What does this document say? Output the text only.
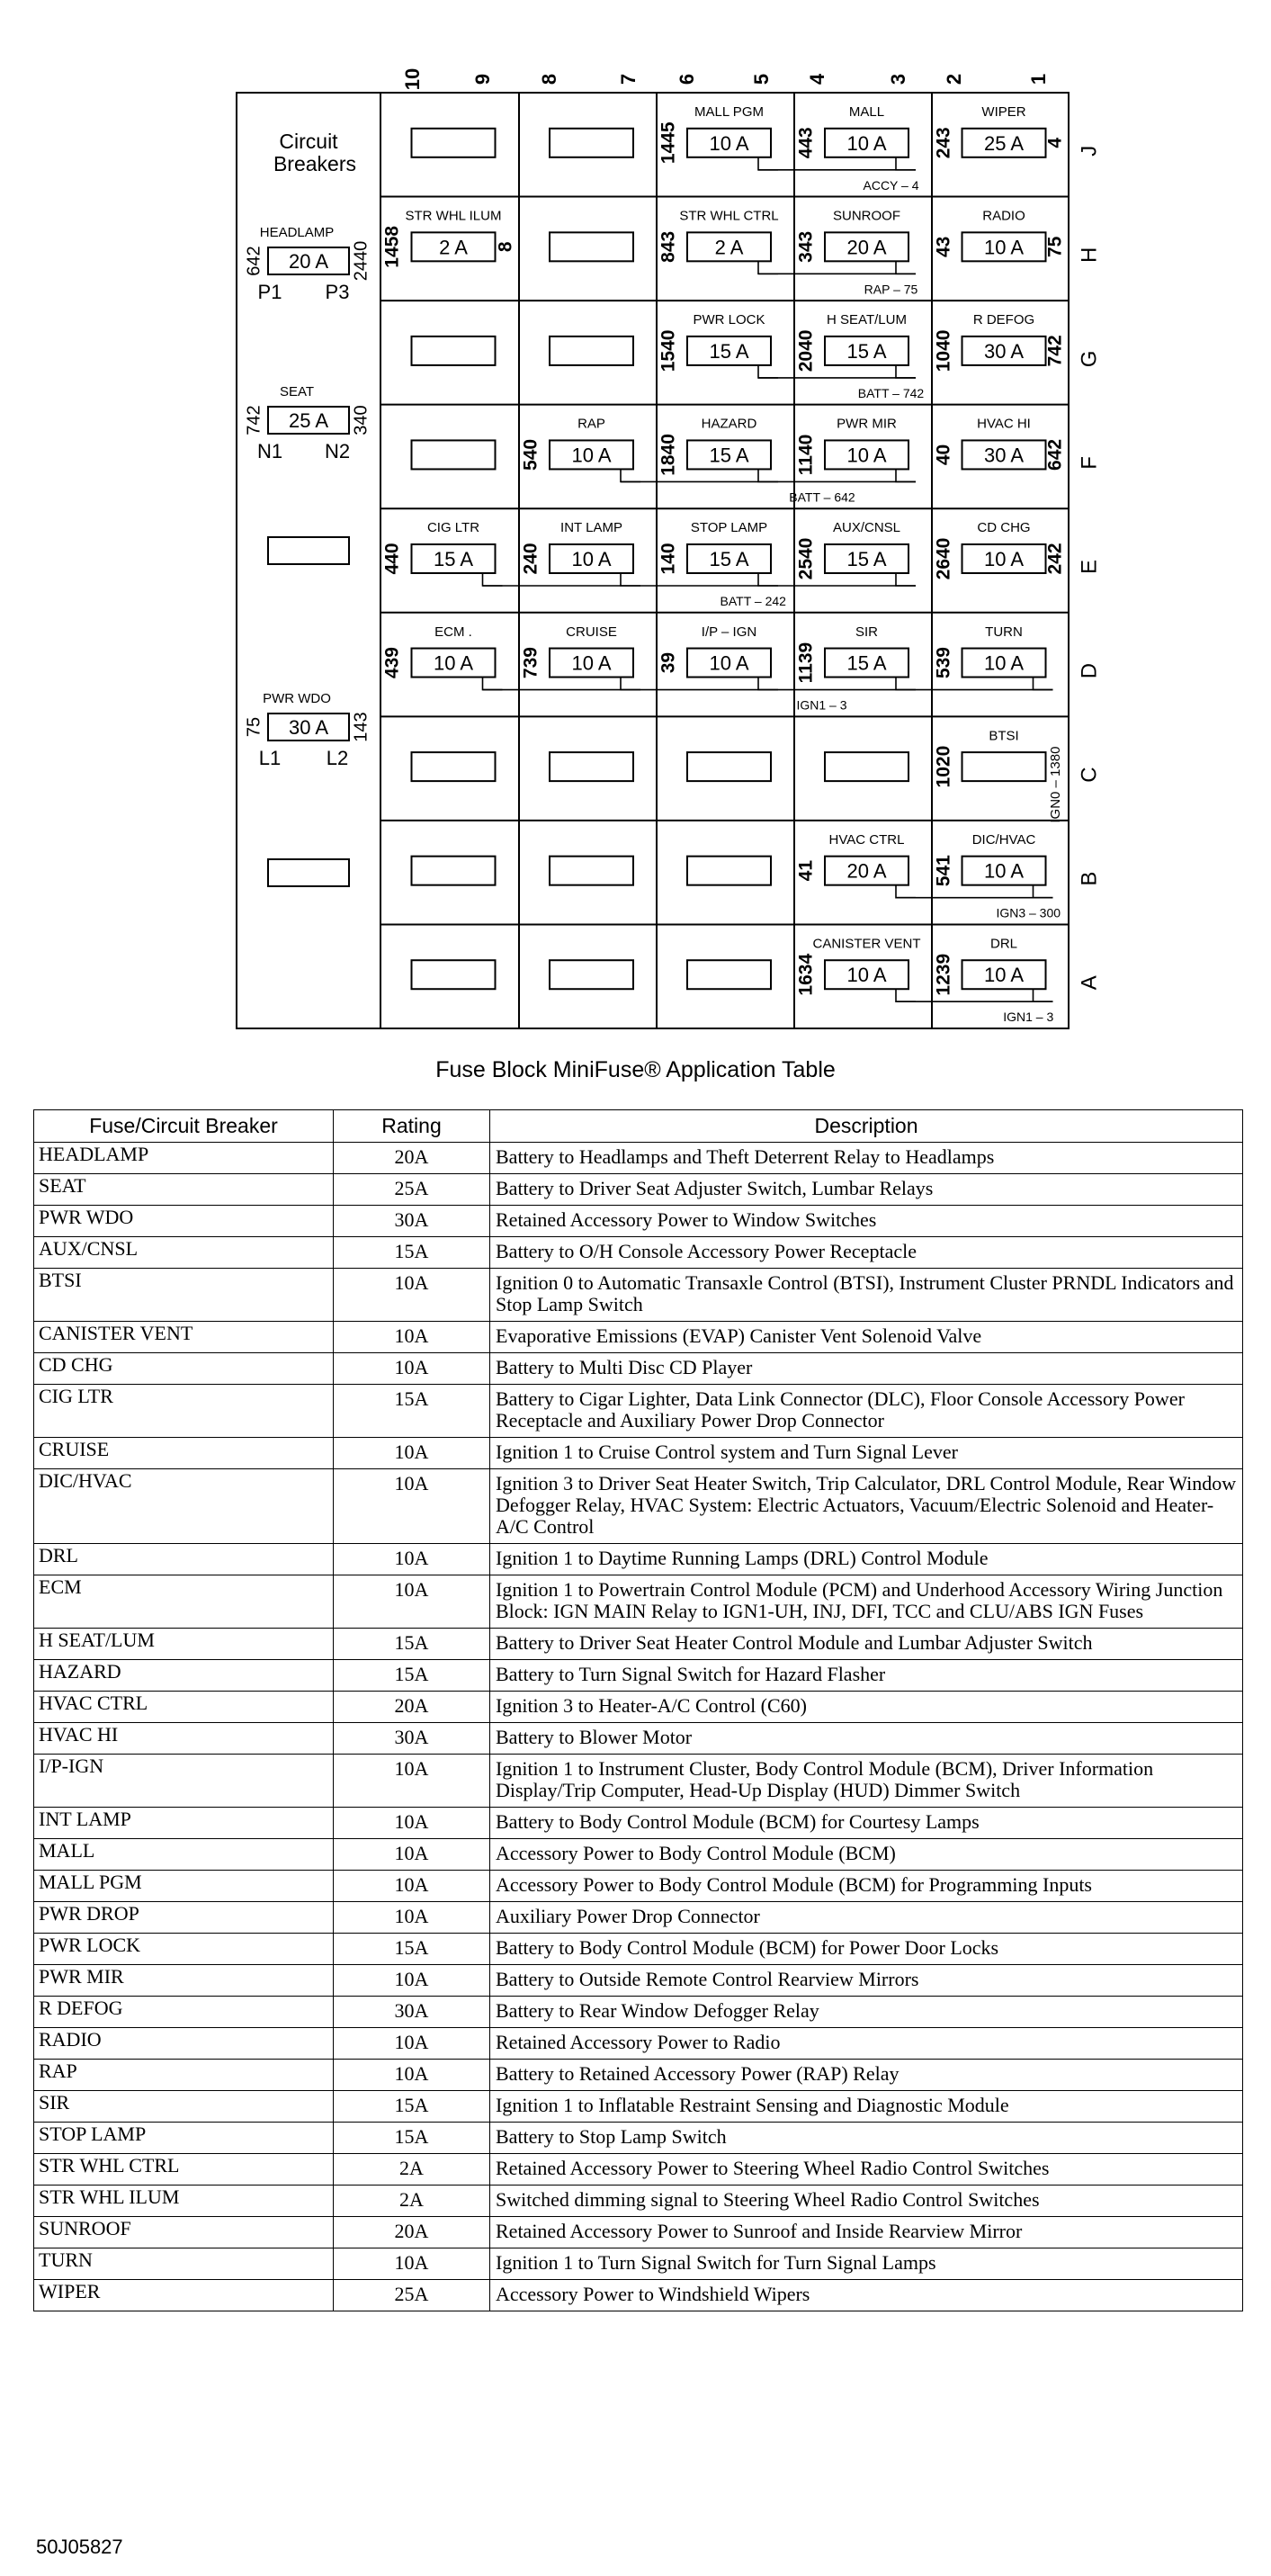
10 9 8	7 6	5 4	3 2	1
J
H
G
F
E
D
C
B
A
Circuit
Breakers
HEADLAMP
20 A
642	2440
P1 P3
SEAT
25 A
742	340
N1 N2
PWR WDO
30 A
75	143
L1 L2
MALL PGM
10 A
1445
MALL
10 A
443
WIPER
25 A
243	4
ACCY – 4
STR WHL ILUM
2 A
1458	8
STR WHL CTRL
2 A
843
SUNROOF
20 A
343
RADIO
10 A
43	75
RAP – 75
PWR LOCK
15 A
1540
H SEAT/LUM
15 A
2040
R DEFOG
30 A
1040	742
BATT – 742
RAP
10 A
540
HAZARD
15 A
1840
PWR MIR
10 A
1140
HVAC HI
30 A
40	642
BATT – 642
CIG LTR
15 A
440
INT LAMP
10 A
240
STOP LAMP
15 A
140
AUX/CNSL
15 A
2540
CD CHG
10 A
2640	242
BATT – 242
ECM .
10 A
439
CRUISE
10 A
739
I/P – IGN
10 A
39
SIR
15 A
1139
TURN
10 A
539
IGN1 – 3
BTSI
1020	IGN0 – 1380
HVAC CTRL
20 A
41
DIC/HVAC
10 A
541
IGN3 – 300
CANISTER VENT
10 A
1634
DRL
10 A
1239
IGN1 – 3
Fuse Block MiniFuse® Application Table
Fuse/Circuit Breaker	Rating	Description
HEADLAMP	20A	Battery to Headlamps and Theft Deterrent Relay to Headlamps
SEAT	25A	Battery to Driver Seat Adjuster Switch, Lumbar Relays
PWR WDO	30A	Retained Accessory Power to Window Switches
AUX/CNSL	15A	Battery to O/H Console Accessory Power Receptacle
BTSI	10A	Ignition 0 to Automatic Transaxle Control (BTSI), Instrument Cluster PRNDL Indicators and Stop Lamp Switch
CANISTER VENT	10A	Evaporative Emissions (EVAP) Canister Vent Solenoid Valve
CD CHG	10A	Battery to Multi Disc CD Player
CIG LTR	15A	Battery to Cigar Lighter, Data Link Connector (DLC), Floor Console Accessory Power Receptacle and Auxiliary Power Drop Connector
CRUISE	10A	Ignition 1 to Cruise Control system and Turn Signal Lever
DIC/HVAC	10A	Ignition 3 to Driver Seat Heater Switch, Trip Calculator, DRL Control Module, Rear Window Defogger Relay, HVAC System: Electric Actuators, Vacuum/Electric Solenoid and Heater-A/C Control
DRL	10A	Ignition 1 to Daytime Running Lamps (DRL) Control Module
ECM	10A	Ignition 1 to Powertrain Control Module (PCM) and Underhood Accessory Wiring Junction Block: IGN MAIN Relay to IGN1-UH, INJ, DFI, TCC and CLU/ABS IGN Fuses
H SEAT/LUM	15A	Battery to Driver Seat Heater Control Module and Lumbar Adjuster Switch
HAZARD	15A	Battery to Turn Signal Switch for Hazard Flasher
HVAC CTRL	20A	Ignition 3 to Heater-A/C Control (C60)
HVAC HI	30A	Battery to Blower Motor
I/P-IGN	10A	Ignition 1 to Instrument Cluster, Body Control Module (BCM), Driver Information Display/Trip Computer, Head-Up Display (HUD) Dimmer Switch
INT LAMP	10A	Battery to Body Control Module (BCM) for Courtesy Lamps
MALL	10A	Accessory Power to Body Control Module (BCM)
MALL PGM	10A	Accessory Power to Body Control Module (BCM) for Programming Inputs
PWR DROP	10A	Auxiliary Power Drop Connector
PWR LOCK	15A	Battery to Body Control Module (BCM) for Power Door Locks
PWR MIR	10A	Battery to Outside Remote Control Rearview Mirrors
R DEFOG	30A	Battery to Rear Window Defogger Relay
RADIO	10A	Retained Accessory Power to Radio
RAP	10A	Battery to Retained Accessory Power (RAP) Relay
SIR	15A	Ignition 1 to Inflatable Restraint Sensing and Diagnostic Module
STOP LAMP	15A	Battery to Stop Lamp Switch
STR WHL CTRL	2A	Retained Accessory Power to Steering Wheel Radio Control Switches
STR WHL ILUM	2A	Switched dimming signal to Steering Wheel Radio Control Switches
SUNROOF	20A	Retained Accessory Power to Sunroof and Inside Rearview Mirror
TURN	10A	Ignition 1 to Turn Signal Switch for Turn Signal Lamps
WIPER	25A	Accessory Power to Windshield Wipers
50J05827
